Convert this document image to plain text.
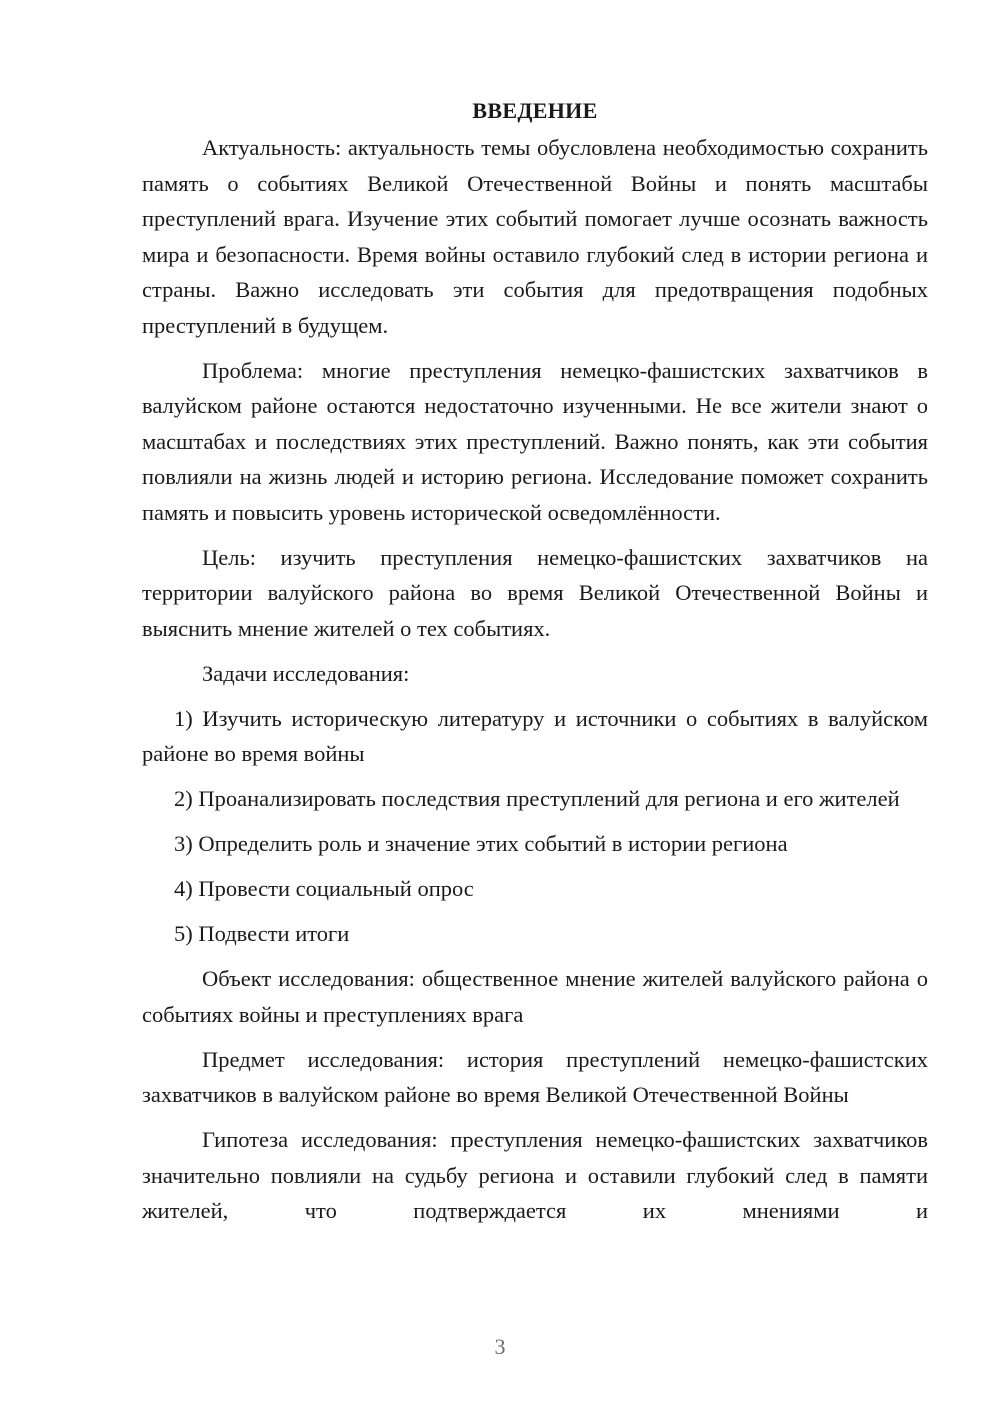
ВВЕДЕНИЕ

Актуальность: актуальность темы обусловлена необходимостью сохранить память о событиях Великой Отечественной Войны и понять масштабы преступлений врага. Изучение этих событий помогает лучше осознать важность мира и безопасности. Время войны оставило глубокий след в истории региона и страны. Важно исследовать эти события для предотвращения подобных преступлений в будущем.

Проблема: многие преступления немецко-фашистских захватчиков в валуйском районе остаются недостаточно изученными. Не все жители знают о масштабах и последствиях этих преступлений. Важно понять, как эти события повлияли на жизнь людей и историю региона. Исследование поможет сохранить память и повысить уровень исторической осведомлённости.

Цель: изучить преступления немецко-фашистских захватчиков на территории валуйского района во время Великой Отечественной Войны и выяснить мнение жителей о тех событиях.

Задачи исследования:

1) Изучить историческую литературу и источники о событиях в валуйском районе во время войны

2) Проанализировать последствия преступлений для региона и его жителей

3) Определить роль и значение этих событий в истории региона

4) Провести социальный опрос

5) Подвести итоги

Объект исследования: общественное мнение жителей валуйского района о событиях войны и преступлениях врага

Предмет исследования: история преступлений немецко-фашистских захватчиков в валуйском районе во время Великой Отечественной Войны

Гипотеза исследования: преступления немецко-фашистских захватчиков значительно повлияли на судьбу региона и оставили глубокий след в памяти жителей, что подтверждается их мнениями и

3
